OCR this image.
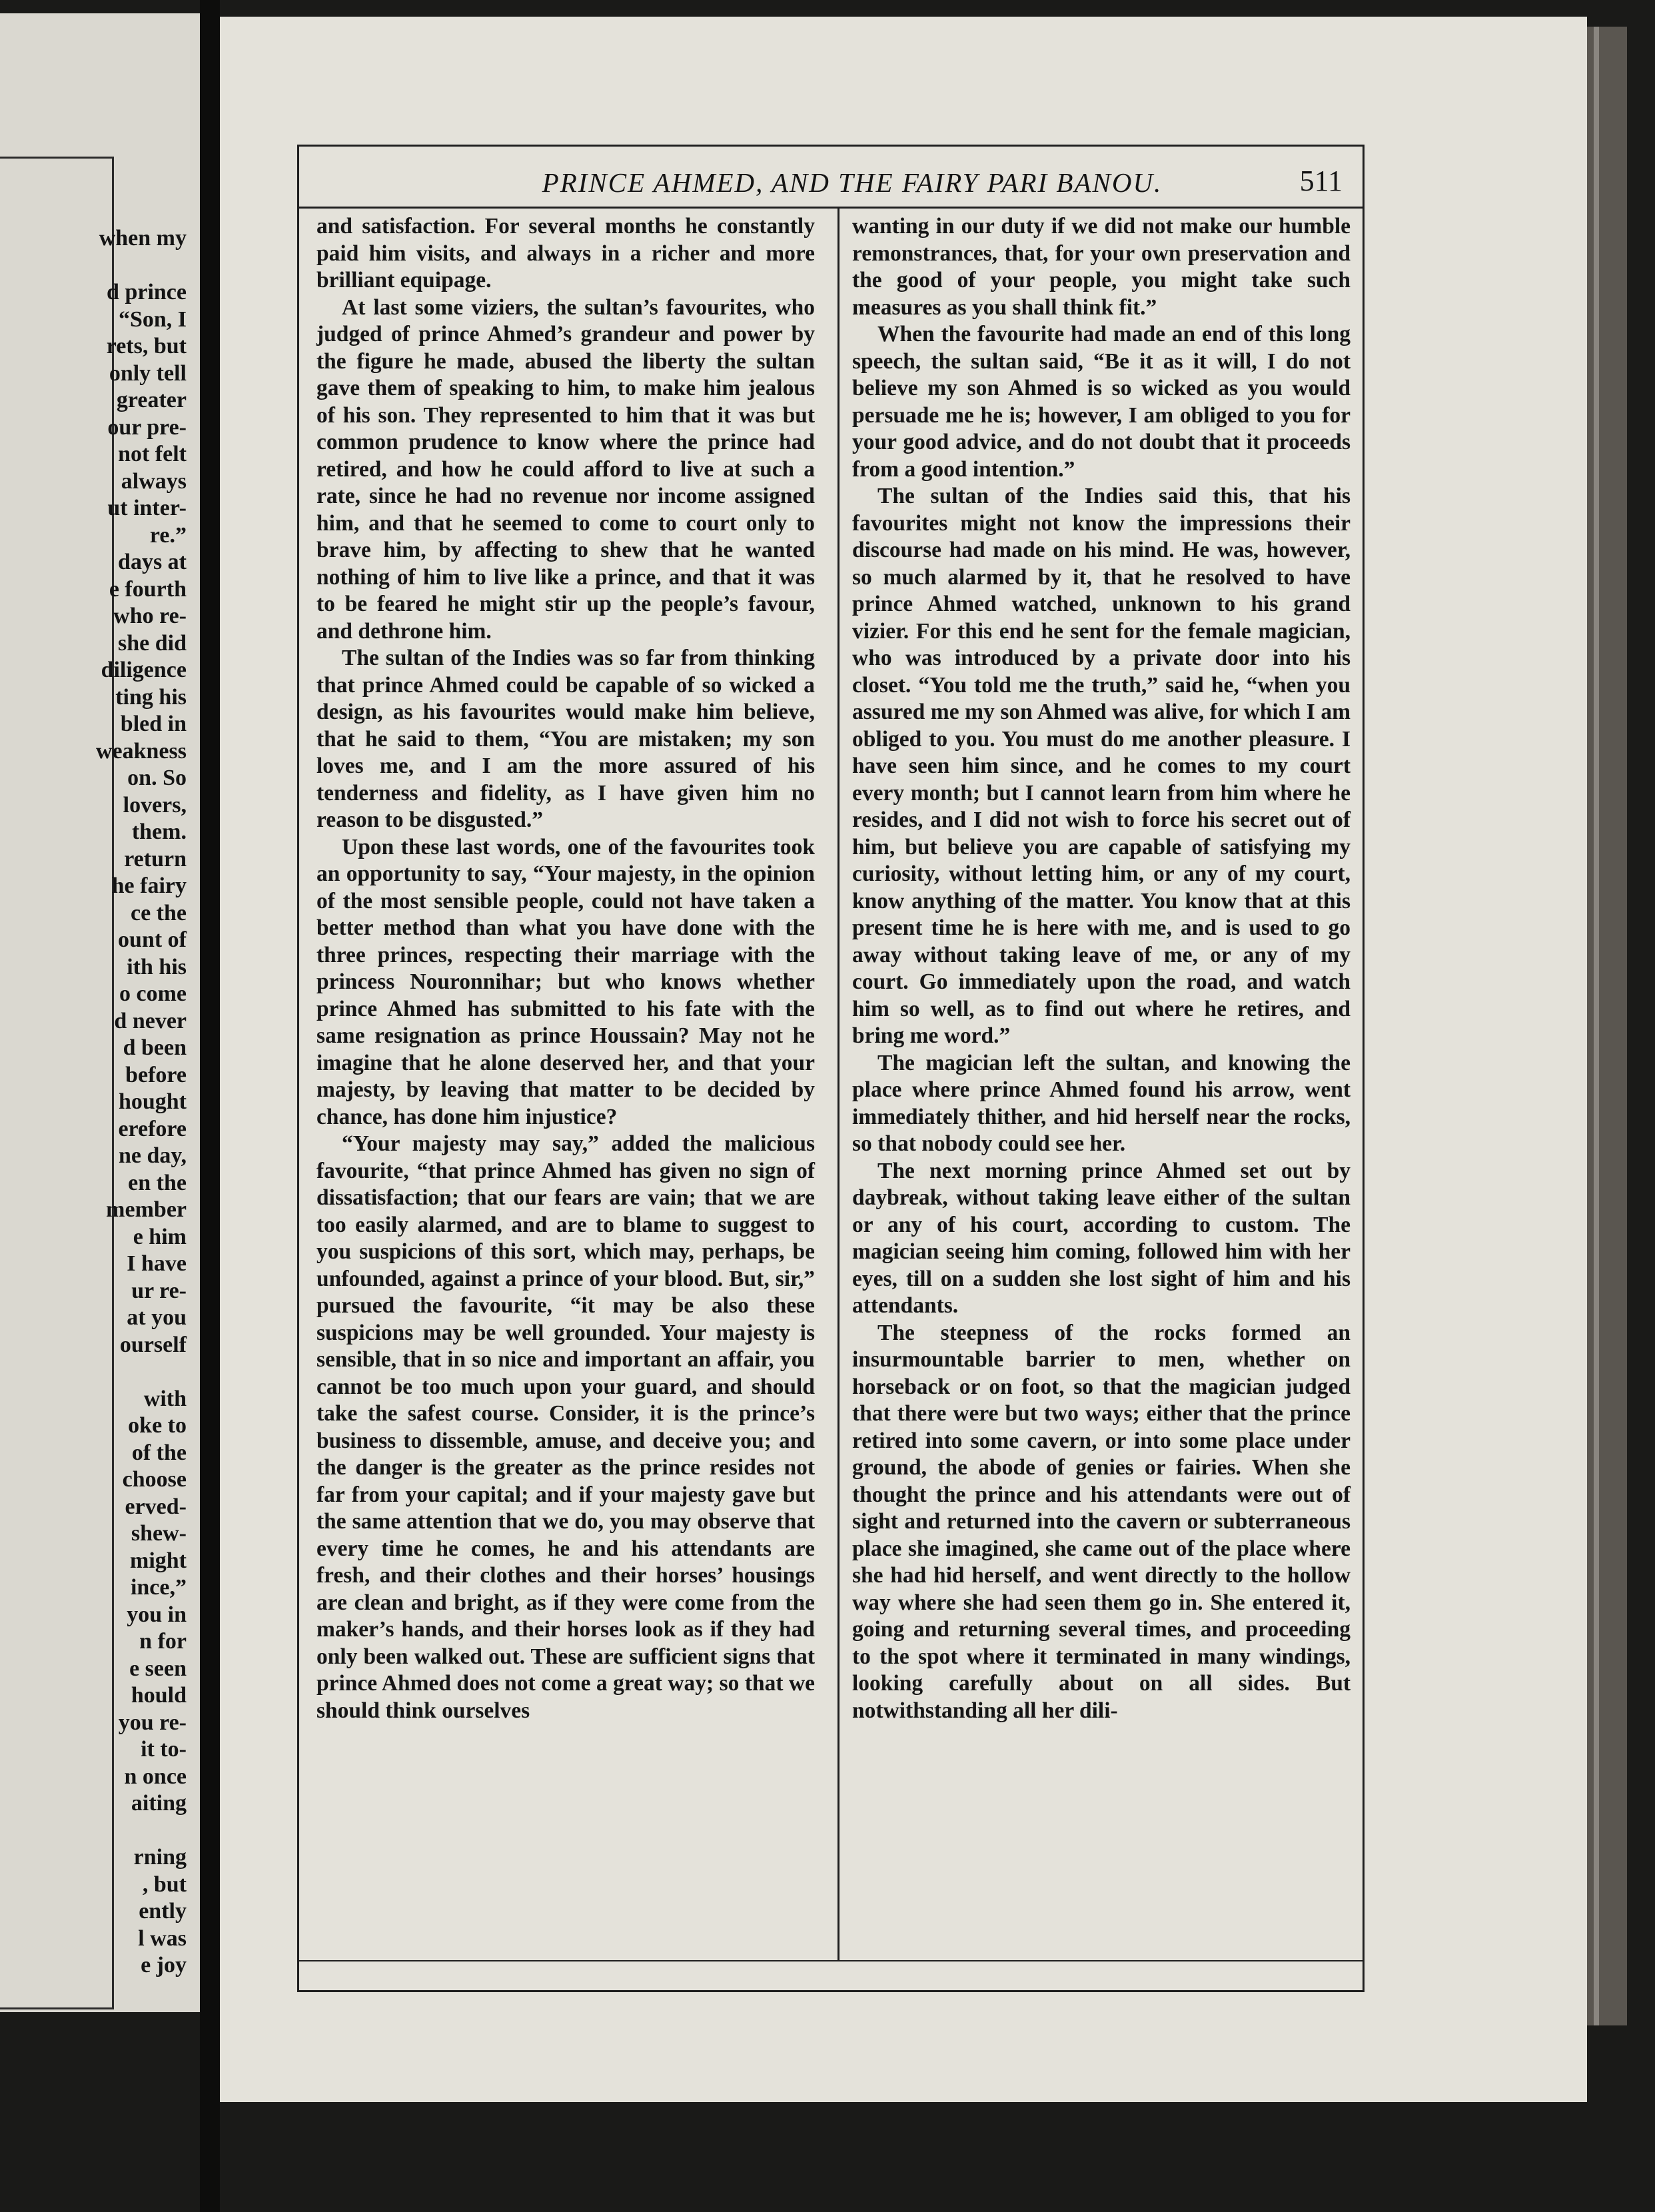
when my
d prince
“Son, I
rets, but
only tell
greater
our pre-
not felt
always
ut inter-
re.”
days at
e fourth
who re-
she did
diligence
ting his
bled in
weakness
on. So
lovers,
them.
return
he fairy
ce the
ount of
ith his
o come
d never
d been
before
hought
erefore
ne day,
en the
member
e him
I have
ur re-
at you
ourself
with
oke to
of the
choose
erved-
shew-
might
ince,”
you in
n for
e seen
hould
you re-
it to-
n once
aiting
rning
, but
ently
l was
e joy
PRINCE AHMED, AND THE FAIRY PARI BANOU.	511

and satisfaction. For several months he constantly paid him visits, and always in a richer and more brilliant equipage.

At last some viziers, the sultan’s favourites, who judged of prince Ahmed’s grandeur and power by the figure he made, abused the liberty the sultan gave them of speaking to him, to make him jealous of his son. They represented to him that it was but common prudence to know where the prince had retired, and how he could afford to live at such a rate, since he had no revenue nor income assigned him, and that he seemed to come to court only to brave him, by affecting to shew that he wanted nothing of him to live like a prince, and that it was to be feared he might stir up the people’s favour, and dethrone him.

The sultan of the Indies was so far from thinking that prince Ahmed could be capable of so wicked a design, as his favourites would make him believe, that he said to them, “You are mistaken; my son loves me, and I am the more assured of his tenderness and fidelity, as I have given him no reason to be disgusted.”

Upon these last words, one of the favourites took an opportunity to say, “Your majesty, in the opinion of the most sensible people, could not have taken a better method than what you have done with the three princes, respecting their marriage with the princess Nouronnihar; but who knows whether prince Ahmed has submitted to his fate with the same resignation as prince Houssain? May not he imagine that he alone deserved her, and that your majesty, by leaving that matter to be decided by chance, has done him injustice?

“Your majesty may say,” added the malicious favourite, “that prince Ahmed has given no sign of dissatisfaction; that our fears are vain; that we are too easily alarmed, and are to blame to suggest to you suspicions of this sort, which may, perhaps, be unfounded, against a prince of your blood. But, sir,” pursued the favourite, “it may be also these suspicions may be well grounded. Your majesty is sensible, that in so nice and important an affair, you cannot be too much upon your guard, and should take the safest course. Consider, it is the prince’s business to dissemble, amuse, and deceive you; and the danger is the greater as the prince resides not far from your capital; and if your majesty gave but the same attention that we do, you may observe that every time he comes, he and his attendants are fresh, and their clothes and their horses’ housings are clean and bright, as if they were come from the maker’s hands, and their horses look as if they had only been walked out. These are sufficient signs that prince Ahmed does not come a great way; so that we should think ourselves

wanting in our duty if we did not make our humble remonstrances, that, for your own preservation and the good of your people, you might take such measures as you shall think fit.”

When the favourite had made an end of this long speech, the sultan said, “Be it as it will, I do not believe my son Ahmed is so wicked as you would persuade me he is; however, I am obliged to you for your good advice, and do not doubt that it proceeds from a good intention.”

The sultan of the Indies said this, that his favourites might not know the impressions their discourse had made on his mind. He was, however, so much alarmed by it, that he resolved to have prince Ahmed watched, unknown to his grand vizier. For this end he sent for the female magician, who was introduced by a private door into his closet. “You told me the truth,” said he, “when you assured me my son Ahmed was alive, for which I am obliged to you. You must do me another pleasure. I have seen him since, and he comes to my court every month; but I cannot learn from him where he resides, and I did not wish to force his secret out of him, but believe you are capable of satisfying my curiosity, without letting him, or any of my court, know anything of the matter. You know that at this present time he is here with me, and is used to go away without taking leave of me, or any of my court. Go immediately upon the road, and watch him so well, as to find out where he retires, and bring me word.”

The magician left the sultan, and knowing the place where prince Ahmed found his arrow, went immediately thither, and hid herself near the rocks, so that nobody could see her.

The next morning prince Ahmed set out by daybreak, without taking leave either of the sultan or any of his court, according to custom. The magician seeing him coming, followed him with her eyes, till on a sudden she lost sight of him and his attendants.

The steepness of the rocks formed an insurmountable barrier to men, whether on horseback or on foot, so that the magician judged that there were but two ways; either that the prince retired into some cavern, or into some place under ground, the abode of genies or fairies. When she thought the prince and his attendants were out of sight and returned into the cavern or subterraneous place she imagined, she came out of the place where she had hid herself, and went directly to the hollow way where she had seen them go in. She entered it, going and returning several times, and proceeding to the spot where it terminated in many windings, looking carefully about on all sides. But notwithstanding all her dili-
